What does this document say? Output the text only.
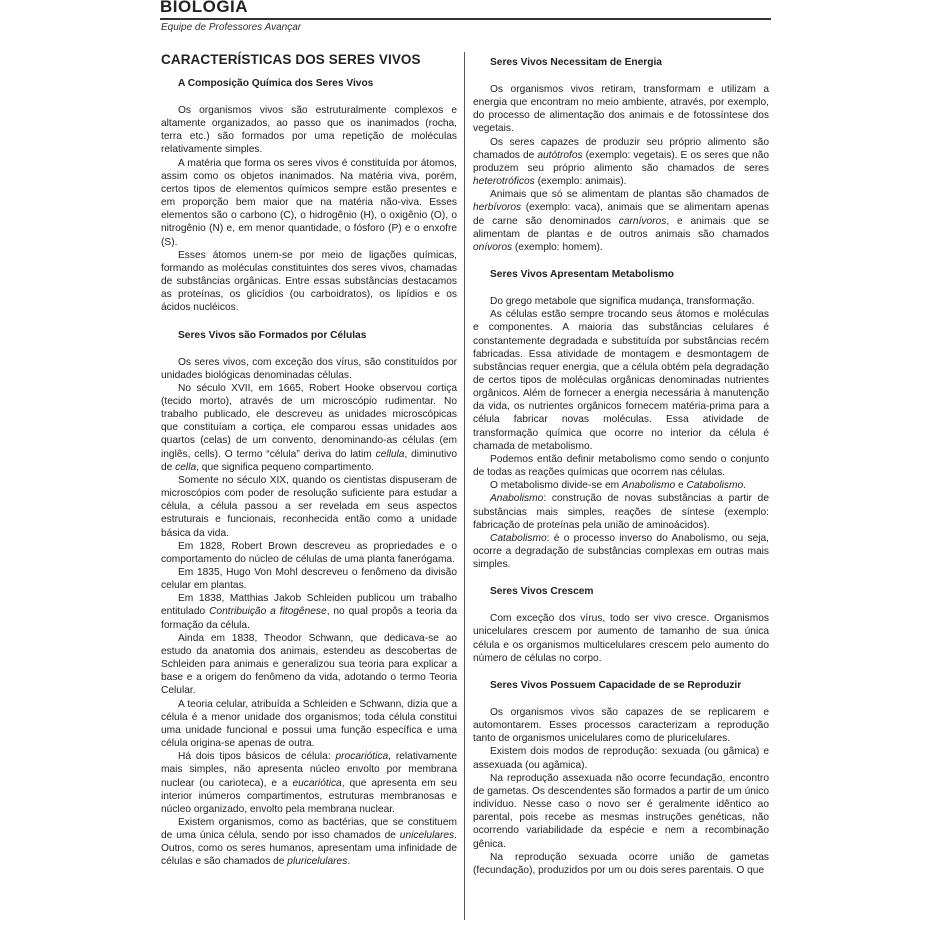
BIOLOGIA
Equipe de Professores Avançar
CARACTERÍSTICAS DOS SERES VIVOS
A Composição Química dos Seres Vivos

Os organismos vivos são estruturalmente complexos e altamente organizados, ao passo que os inanimados (rocha, terra etc.) são formados por uma repetição de moléculas relativamente simples.

A matéria que forma os seres vivos é constituída por átomos, assim como os objetos inanimados. Na matéria viva, porém, certos tipos de elementos químicos sempre estão presentes e em proporção bem maior que na matéria não-viva. Esses elementos são o carbono (C), o hidrogênio (H), o oxigênio (O), o nitrogênio (N) e, em menor quantidade, o fósforo (P) e o enxofre (S).

Esses átomos unem-se por meio de ligações químicas, formando as moléculas constituintes dos seres vivos, chamadas de substâncias orgânicas. Entre essas substâncias destacamos as proteínas, os glicídios (ou carboidratos), os lipídios e os ácidos nucléicos.

Seres Vivos são Formados por Células

Os seres vivos, com exceção dos vírus, são constituídos por unidades biológicas denominadas células.

No século XVII, em 1665, Robert Hooke observou cortiça (tecido morto), através de um microscópio rudimentar. No trabalho publicado, ele descreveu as unidades microscópicas que constituíam a cortiça, ele comparou essas unidades aos quartos (celas) de um convento, denominando-as células (em inglês, cells). O termo “célula” deriva do latim cellula, diminutivo de cella, que significa pequeno compartimento.

Somente no século XIX, quando os cientistas dispuseram de microscópios com poder de resolução suficiente para estudar a célula, a célula passou a ser revelada em seus aspectos estruturais e funcionais, reconhecida então como a unidade básica da vida.

Em 1828, Robert Brown descreveu as propriedades e o comportamento do núcleo de células de uma planta fanerógama.

Em 1835, Hugo Von Mohl descreveu o fenômeno da divisão celular em plantas.

Em 1838, Matthias Jakob Schleiden publicou um trabalho entitulado Contribuição a fitogênese, no qual propôs a teoria da formação da célula.

Ainda em 1838, Theodor Schwann, que dedicava-se ao estudo da anatomia dos animais, estendeu as descobertas de Schleiden para animais e generalizou sua teoria para explicar a base e a origem do fenômeno da vida, adotando o termo Teoria Celular.

A teoria celular, atribuída a Schleiden e Schwann, dizia que a célula é a menor unidade dos organismos; toda célula constitui uma unidade funcional e possui uma função específica e uma célula origina-se apenas de outra.

Há dois tipos básicos de célula: procariótica, relativamente mais simples, não apresenta núcleo envolto por membrana nuclear (ou carioteca), e a eucariótica, que apresenta em seu interior inúmeros compartimentos, estruturas membranosas e núcleo organizado, envolto pela membrana nuclear.

Existem organismos, como as bactérias, que se constituem de uma única célula, sendo por isso chamados de unicelulares. Outros, como os seres humanos, apresentam uma infinidade de células e são chamados de pluricelulares.

Seres Vivos Necessitam de Energia

Os organismos vivos retiram, transformam e utilizam a energia que encontram no meio ambiente, através, por exemplo, do processo de alimentação dos animais e de fotossíntese dos vegetais.

Os seres capazes de produzir seu próprio alimento são chamados de autótrofos (exemplo: vegetais). E os seres que não produzem seu próprio alimento são chamados de seres heterotróficos (exemplo: animais).

Animais que só se alimentam de plantas são chamados de herbívoros (exemplo: vaca), animais que se alimentam apenas de carne são denominados carnívoros, e animais que se alimentam de plantas e de outros animais são chamados onívoros (exemplo: homem).

Seres Vivos Apresentam Metabolismo

Do grego metabole que significa mudança, transformação.

As células estão sempre trocando seus átomos e moléculas e componentes. A maioria das substâncias celulares é constantemente degradada e substituída por substâncias recém fabricadas. Essa atividade de montagem e desmontagem de substâncias requer energia, que a célula obtém pela degradação de certos tipos de moléculas orgânicas denominadas nutrientes orgânicos. Além de fornecer a energia necessária à manutenção da vida, os nutrientes orgânicos fornecem matéria-prima para a célula fabricar novas moléculas. Essa atividade de transformação química que ocorre no interior da célula é chamada de metabolismo.

Podemos então definir metabolismo como sendo o conjunto de todas as reações químicas que ocorrem nas células.

O metabolismo divide-se em Anabolismo e Catabolismo.

Anabolismo: construção de novas substâncias a partir de substâncias mais simples, reações de síntese (exemplo: fabricação de proteínas pela união de aminoácidos).

Catabolismo: é o processo inverso do Anabolismo, ou seja, ocorre a degradação de substâncias complexas em outras mais simples.

Seres Vivos Crescem

Com exceção dos vírus, todo ser vivo cresce. Organismos unicelulares crescem por aumento de tamanho de sua única célula e os organismos multicelulares crescem pelo aumento do número de células no corpo.

Seres Vivos Possuem Capacidade de se Reproduzir

Os organismos vivos são capazes de se replicarem e automontarem. Esses processos caracterizam a reprodução tanto de organismos unicelulares como de pluricelulares.

Existem dois modos de reprodução: sexuada (ou gâmica) e assexuada (ou agâmica).

Na reprodução assexuada não ocorre fecundação, encontro de gametas. Os descendentes são formados a partir de um único indivíduo. Nesse caso o novo ser é geralmente idêntico ao parental, pois recebe as mesmas instruções genéticas, não ocorrendo variabilidade da espécie e nem a recombinação gênica.

Na reprodução sexuada ocorre união de gametas (fecundação), produzidos por um ou dois seres parentais. O que
